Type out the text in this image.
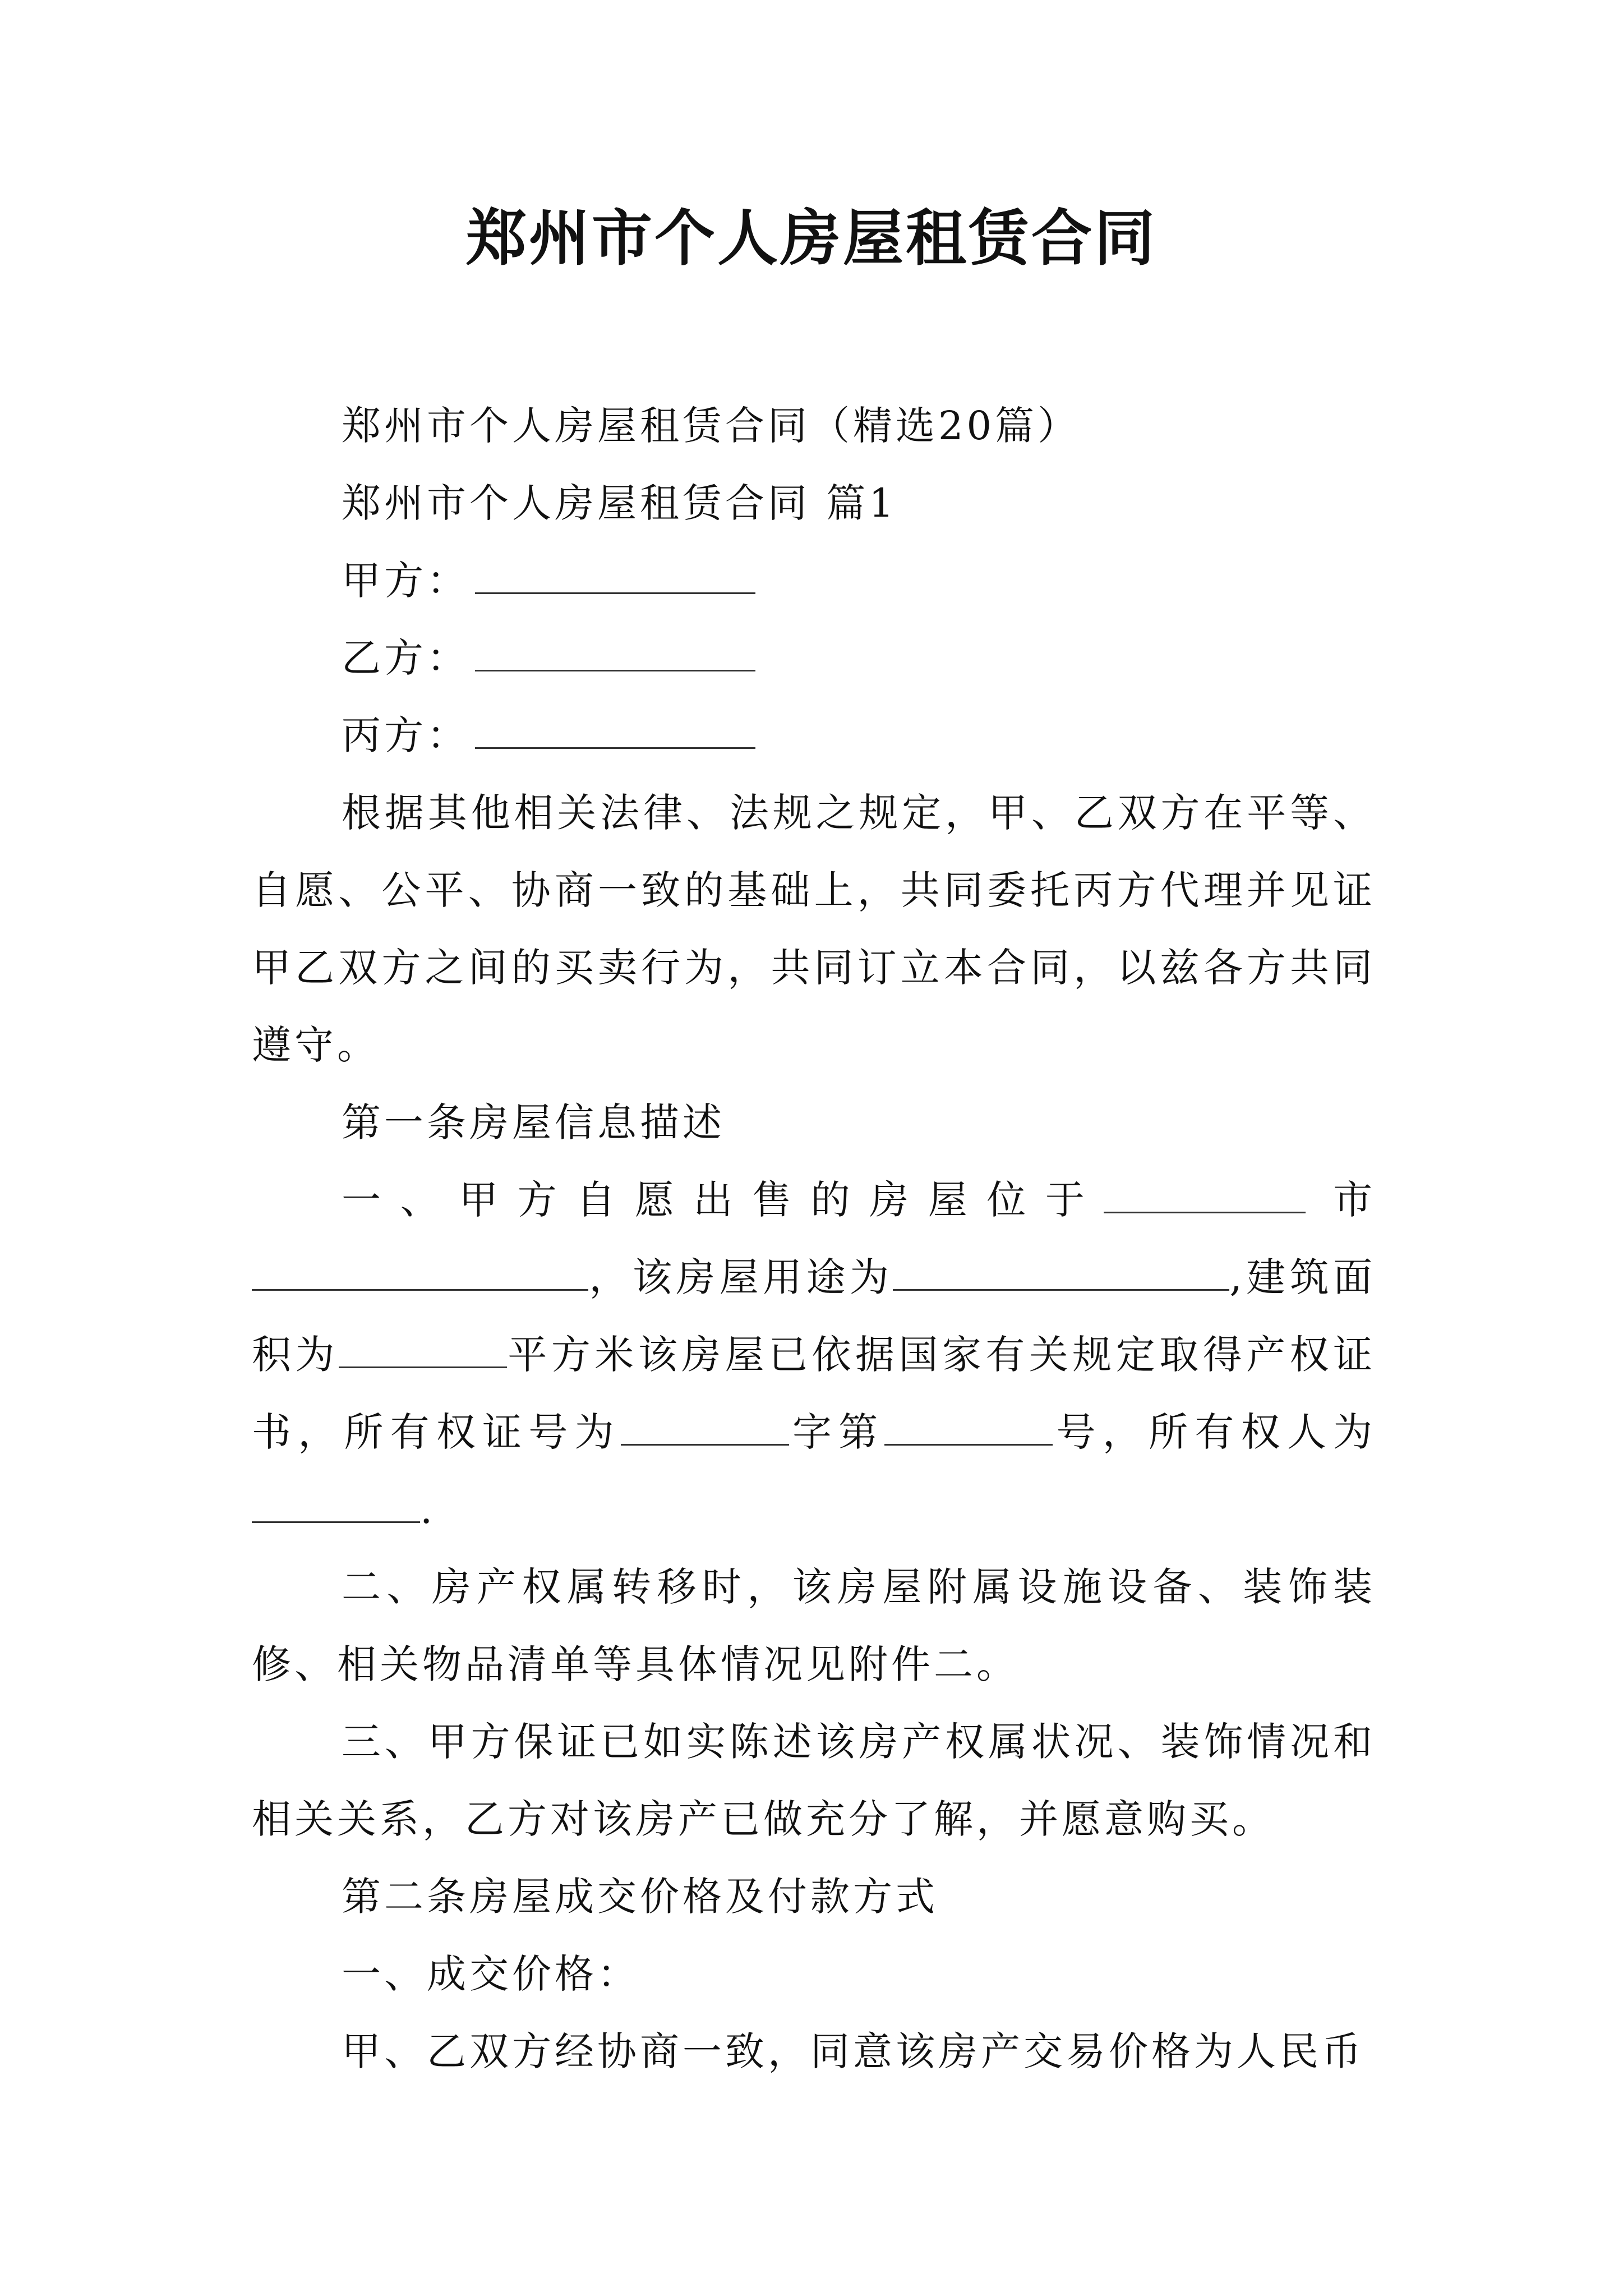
郑州市个人房屋租赁合同

郑州市个人房屋租赁合同（精选20篇）

郑州市个人房屋租赁合同 篇1

甲方：

乙方：

丙方：

根据其他相关法律、法规之规定，甲、乙双方在平等、自愿、公平、协商一致的基础上，共同委托丙方代理并见证甲乙双方之间的买卖行为，共同订立本合同，以兹各方共同遵守。

第一条房屋信息描述

一、甲方自愿出售的房屋位于	市，该房屋用途为	,建筑面积为	平方米该房屋已依据国家有关规定取得产权证书，所有权证号为	字第	号，所有权人为.

二、房产权属转移时，该房屋附属设施设备、装饰装修、相关物品清单等具体情况见附件二。

三、甲方保证已如实陈述该房产权属状况、装饰情况和相关关系，乙方对该房产已做充分了解，并愿意购买。

第二条房屋成交价格及付款方式

一、成交价格：

甲、乙双方经协商一致，同意该房产交易价格为人民币
